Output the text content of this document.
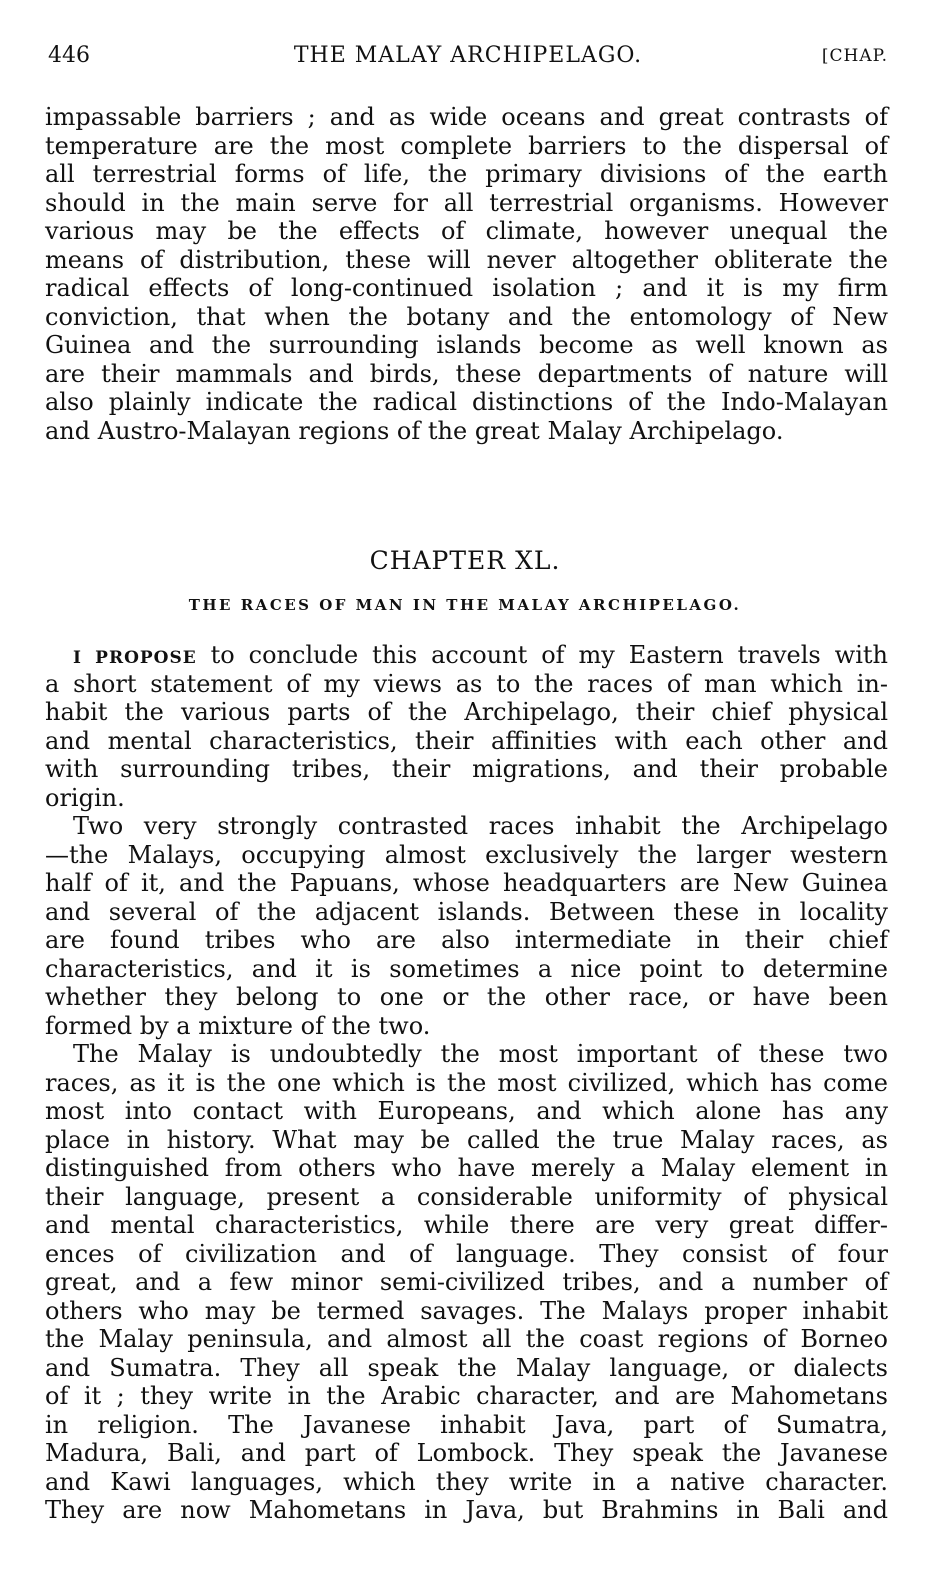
446	THE MALAY ARCHIPELAGO.	[CHAP.
impassable barriers ; and as wide oceans and great contrasts of
temperature are the most complete barriers to the dispersal of
all terrestrial forms of life, the primary divisions of the earth
should in the main serve for all terrestrial organisms. However
various may be the effects of climate, however unequal the
means of distribution, these will never altogether obliterate the
radical effects of long-continued isolation ; and it is my firm
conviction, that when the botany and the entomology of New
Guinea and the surrounding islands become as well known as
are their mammals and birds, these departments of nature will
also plainly indicate the radical distinctions of the Indo-Malayan
and Austro-Malayan regions of the great Malay Archipelago.
CHAPTER XL.
THE RACES OF MAN IN THE MALAY ARCHIPELAGO.
I PROPOSE to conclude this account of my Eastern travels with
a short statement of my views as to the races of man which in-
habit the various parts of the Archipelago, their chief physical
and mental characteristics, their affinities with each other and
with surrounding tribes, their migrations, and their probable
origin.
Two very strongly contrasted races inhabit the Archipelago
—the Malays, occupying almost exclusively the larger western
half of it, and the Papuans, whose headquarters are New Guinea
and several of the adjacent islands. Between these in locality
are found tribes who are also intermediate in their chief
characteristics, and it is sometimes a nice point to determine
whether they belong to one or the other race, or have been
formed by a mixture of the two.
The Malay is undoubtedly the most important of these two
races, as it is the one which is the most civilized, which has come
most into contact with Europeans, and which alone has any
place in history. What may be called the true Malay races, as
distinguished from others who have merely a Malay element in
their language, present a considerable uniformity of physical
and mental characteristics, while there are very great differ-
ences of civilization and of language. They consist of four
great, and a few minor semi-civilized tribes, and a number of
others who may be termed savages. The Malays proper inhabit
the Malay peninsula, and almost all the coast regions of Borneo
and Sumatra. They all speak the Malay language, or dialects
of it ; they write in the Arabic character, and are Mahometans
in religion. The Javanese inhabit Java, part of Sumatra,
Madura, Bali, and part of Lombock. They speak the Javanese
and Kawi languages, which they write in a native character.
They are now Mahometans in Java, but Brahmins in Bali and
